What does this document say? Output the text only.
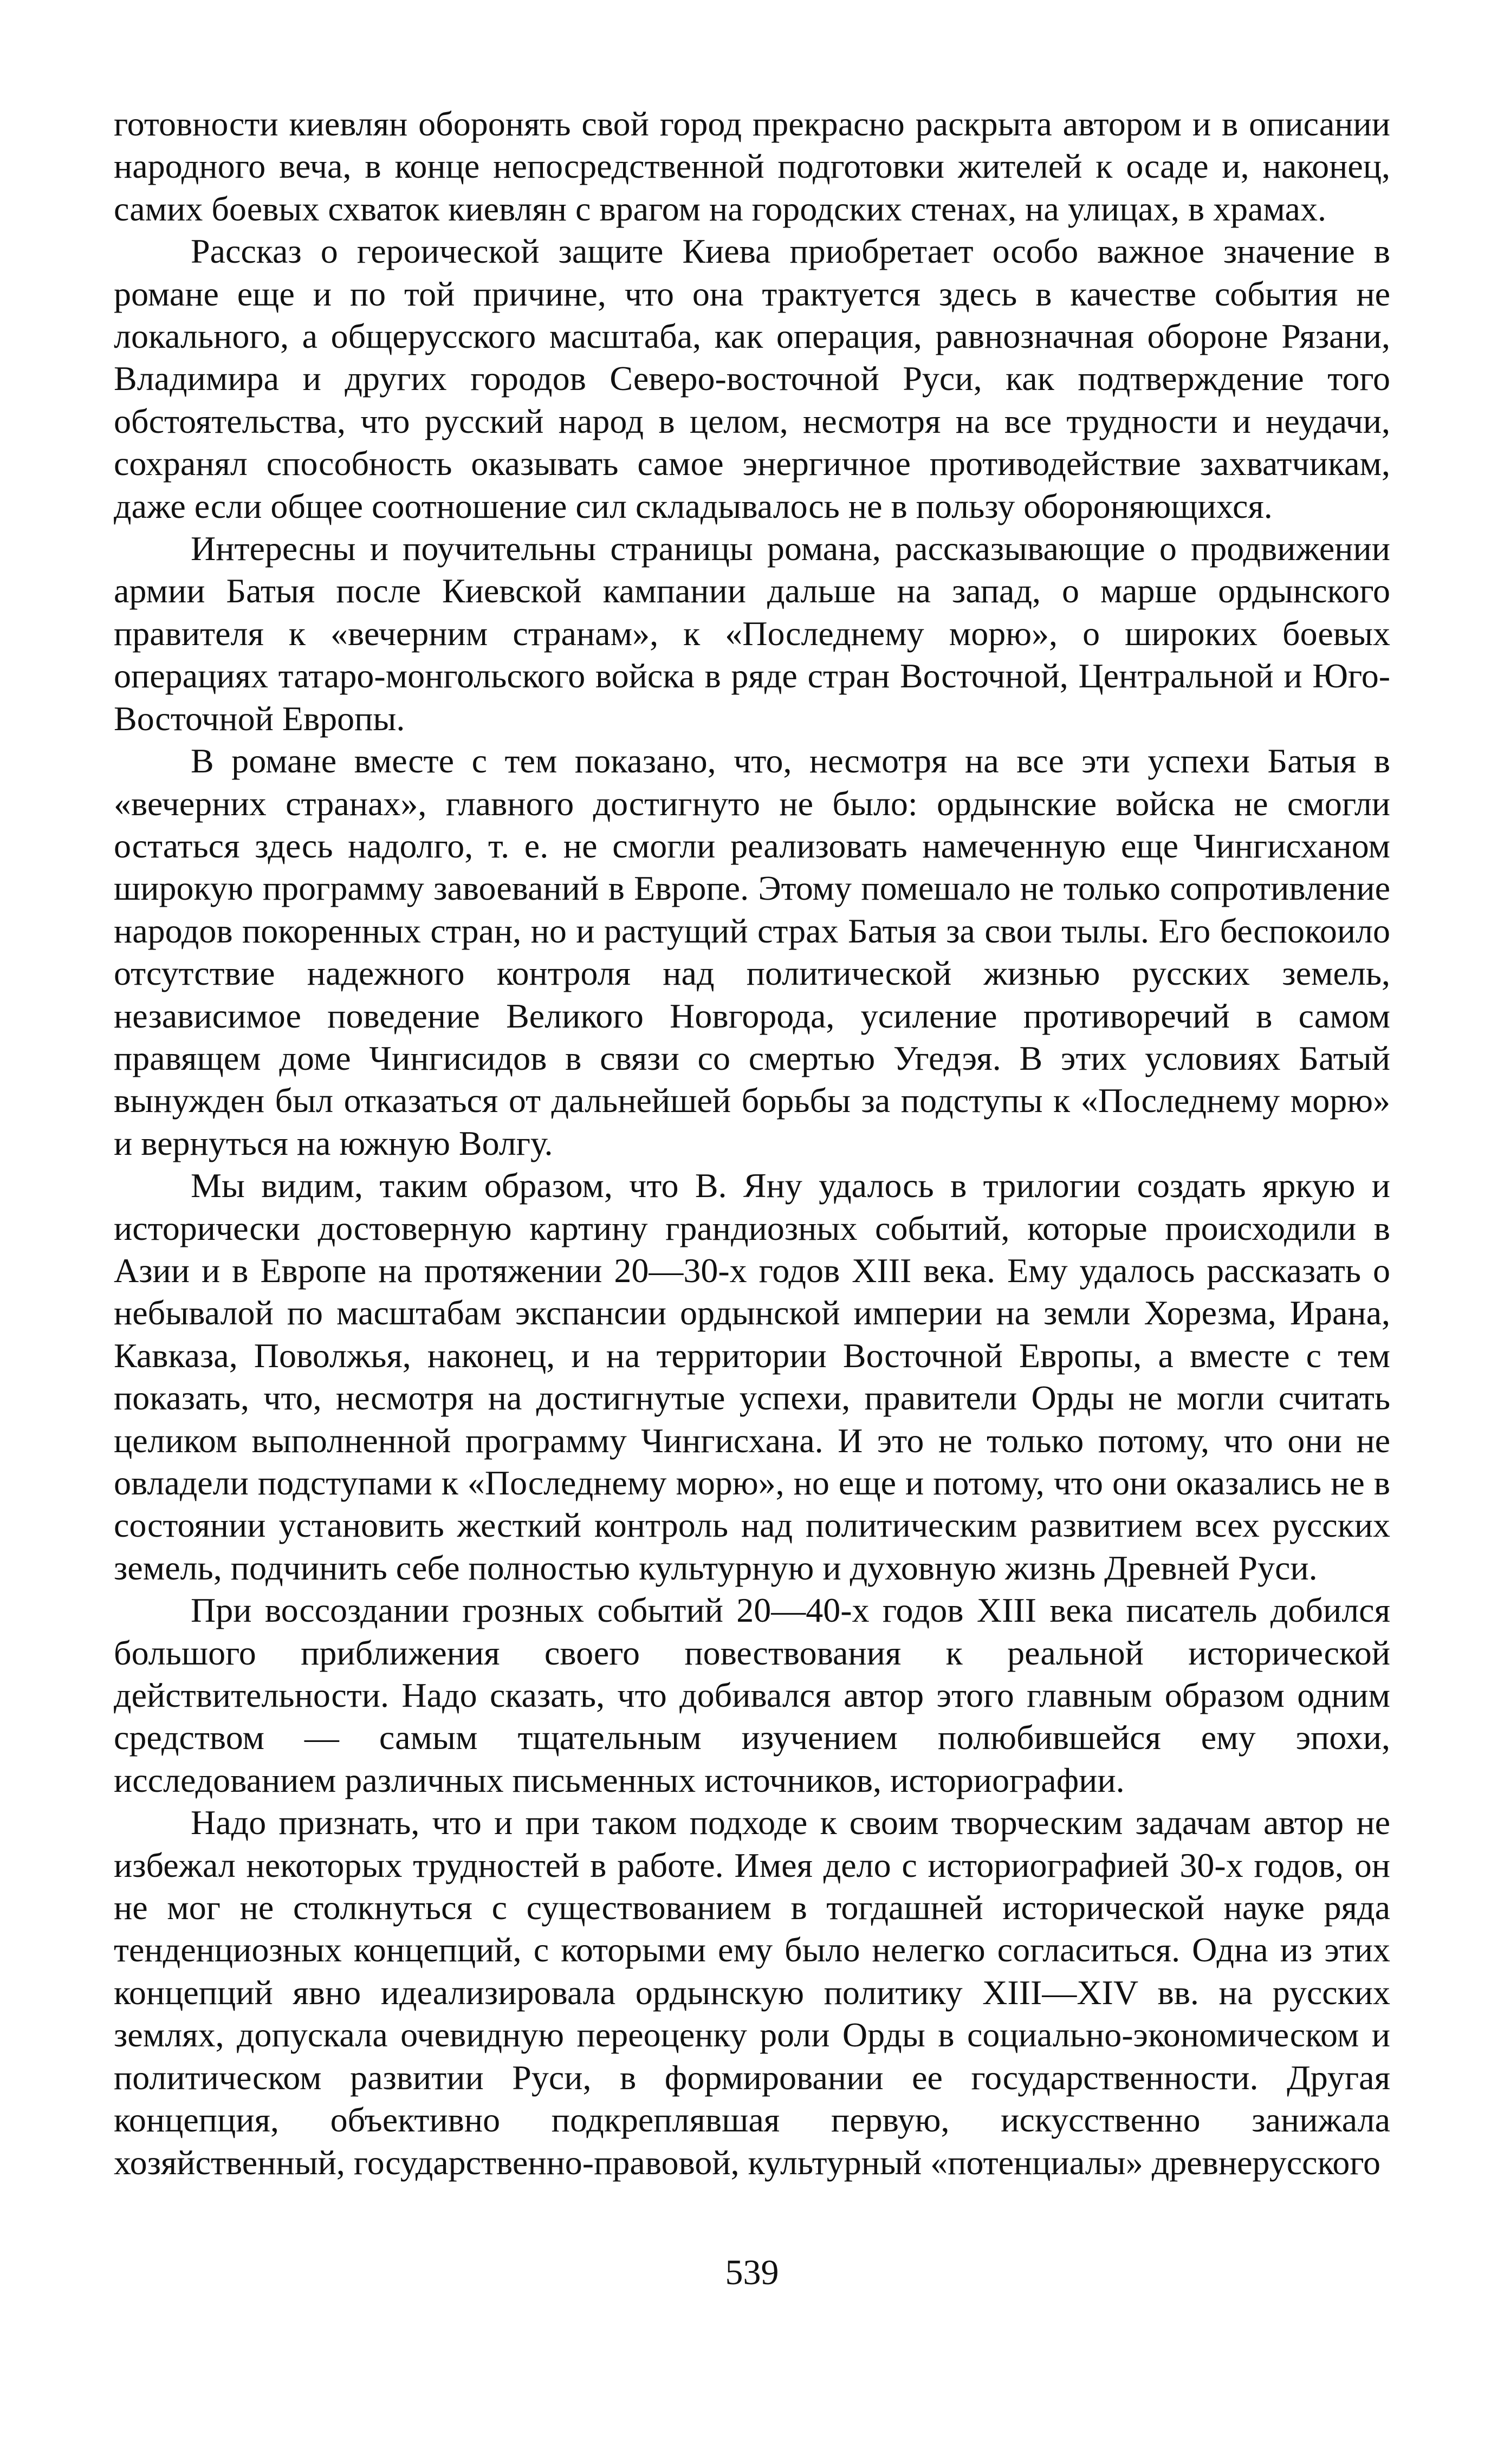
готовности киевлян оборонять свой город прекрасно раскрыта автором и в описании народного веча, в конце непосредственной подготовки жителей к осаде и, наконец, самих боевых схваток киевлян с врагом на городских стенах, на улицах, в храмах.

Рассказ о героической защите Киева приобретает особо важное значение в романе еще и по той причине, что она трактуется здесь в качестве события не локального, а общерусского масштаба, как операция, равнозначная обороне Рязани, Владимира и других городов Северо-восточной Руси, как подтверждение того обстоятельства, что русский народ в целом, несмотря на все трудности и неудачи, сохранял способность оказывать самое энергичное противодействие захватчикам, даже если общее соотношение сил складывалось не в пользу обороняющихся.

Интересны и поучительны страницы романа, рассказывающие о продвижении армии Батыя после Киевской кампании дальше на запад, о марше ордынского правителя к «вечерним странам», к «Последнему морю», о широких боевых операциях татаро-монгольского войска в ряде стран Восточной, Центральной и Юго-Восточной Европы.

В романе вместе с тем показано, что, несмотря на все эти успехи Батыя в «вечерних странах», главного достигнуто не было: ордынские войска не смогли остаться здесь надолго, т. е. не смогли реализовать намеченную еще Чингисханом широкую программу завоеваний в Европе. Этому помешало не только сопротивление народов покоренных стран, но и растущий страх Батыя за свои тылы. Его беспокоило отсутствие надежного контроля над политической жизнью русских земель, независимое поведение Великого Новгорода, усиление противоречий в самом правящем доме Чингисидов в связи со смертью Угедэя. В этих условиях Батый вынужден был отказаться от дальнейшей борьбы за подступы к «Последнему морю» и вернуться на южную Волгу.

Мы видим, таким образом, что В. Яну удалось в трилогии создать яркую и исторически достоверную картину грандиозных событий, которые происходили в Азии и в Европе на протяжении 20—30-х годов XIII века. Ему удалось рассказать о небывалой по масштабам экспансии ордынской империи на земли Хорезма, Ирана, Кавказа, Поволжья, наконец, и на территории Восточной Европы, а вместе с тем показать, что, несмотря на достигнутые успехи, правители Орды не могли считать целиком выполненной программу Чингисхана. И это не только потому, что они не овладели подступами к «Последнему морю», но еще и потому, что они оказались не в состоянии установить жесткий контроль над политическим развитием всех русских земель, подчинить себе полностью культурную и духовную жизнь Древней Руси.

При воссоздании грозных событий 20—40-х годов XIII века писатель добился большого приближения своего повествования к реальной исторической действительности. Надо сказать, что добивался автор этого главным образом одним средством — самым тщательным изучением полюбившейся ему эпохи, исследованием различных письменных источников, историографии.

Надо признать, что и при таком подходе к своим творческим задачам автор не избежал некоторых трудностей в работе. Имея дело с историографией 30-х годов, он не мог не столкнуться с существованием в тогдашней исторической науке ряда тенденциозных концепций, с которыми ему было нелегко согласиться. Одна из этих концепций явно идеализировала ордынскую политику XIII—XIV вв. на русских землях, допускала очевидную переоценку роли Орды в социально-экономическом и политическом развитии Руси, в формировании ее государственности. Другая концепция, объективно подкреплявшая первую, искусственно занижала хозяйственный, государственно-правовой, культурный «потенциалы» древнерусского

539
